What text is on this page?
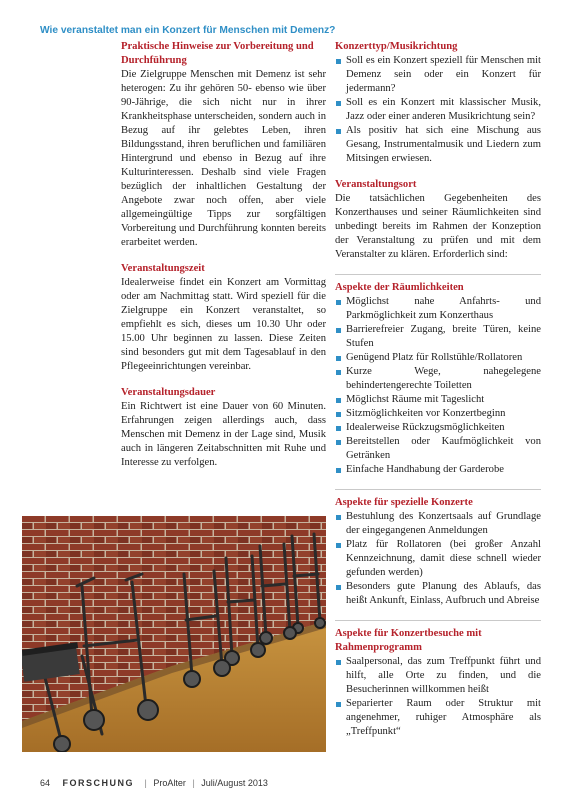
Wie veranstaltet man ein Konzert für Menschen mit Demenz?
Praktische Hinweise zur Vorbereitung und Durchführung

Die Zielgruppe Menschen mit Demenz ist sehr heterogen: Zu ihr gehören 50- ebenso wie über 90-Jährige, die sich nicht nur in ihrer Krankheitsphase unterscheiden, sondern auch in Bezug auf ihr gelebtes Leben, ihren Bildungsstand, ihren beruflichen und familiären Hintergrund und ebenso in Bezug auf ihre Kulturinteressen. Deshalb sind viele Fragen bezüglich der inhaltlichen Gestaltung der Angebote zwar noch offen, aber viele allgemeingültige Tipps zur sorgfältigen Vorbereitung und Durchführung konnten bereits erarbeitet werden.

Veranstaltungszeit

Idealerweise findet ein Konzert am Vormittag oder am Nachmittag statt. Wird speziell für die Zielgruppe ein Konzert veranstaltet, so empfiehlt es sich, dieses um 10.30 Uhr oder 15.00 Uhr beginnen zu lassen. Diese Zeiten sind besonders gut mit dem Tagesablauf in den Pflegeeinrichtungen vereinbar.

Veranstaltungsdauer

Ein Richtwert ist eine Dauer von 60 Minuten. Erfahrungen zeigen allerdings auch, dass Menschen mit Demenz in der Lage sind, Musik auch in längeren Zeitabschnitten mit Ruhe und Interesse zu verfolgen.

Konzerttyp/Musikrichtung
Soll es ein Konzert speziell für Menschen mit Demenz sein oder ein Konzert für jedermann?
Soll es ein Konzert mit klassischer Musik, Jazz oder einer anderen Musikrichtung sein?
Als positiv hat sich eine Mischung aus Gesang, Instrumentalmusik und Liedern zum Mitsingen erwiesen.
Veranstaltungsort

Die tatsächlichen Gegebenheiten des Konzerthauses und seiner Räumlichkeiten sind unbedingt bereits im Rahmen der Konzeption der Veranstaltung zu prüfen und mit dem Veranstalter zu klären. Erforderlich sind:

Aspekte der Räumlichkeiten
Möglichst nahe Anfahrts- und Parkmöglichkeit zum Konzerthaus
Barrierefreier Zugang, breite Türen, keine Stufen
Genügend Platz für Rollstühle/Rollatoren
Kurze Wege, nahegelegene behindertengerechte Toiletten
Möglichst Räume mit Tageslicht
Sitzmöglichkeiten vor Konzertbeginn
Idealerweise Rückzugsmöglichkeiten
Bereitstellen oder Kaufmöglichkeit von Getränken
Einfache Handhabung der Garderobe
Aspekte für spezielle Konzerte
Bestuhlung des Konzertsaals auf Grundlage der eingegangenen Anmeldungen
Platz für Rollatoren (bei großer Anzahl Kennzeichnung, damit diese schnell wieder gefunden werden)
Besonders gute Planung des Ablaufs, das heißt Ankunft, Einlass, Aufbruch und Abreise
Aspekte für Konzertbesuche mit Rahmenprogramm
Saalpersonal, das zum Treffpunkt führt und hilft, alle Orte zu finden, und die Besucherinnen willkommen heißt
Separierter Raum oder Struktur mit angenehmer, ruhiger Atmosphäre als „Treffpunkt“
64 FORSCHUNG | ProAlter | Juli/August 2013
